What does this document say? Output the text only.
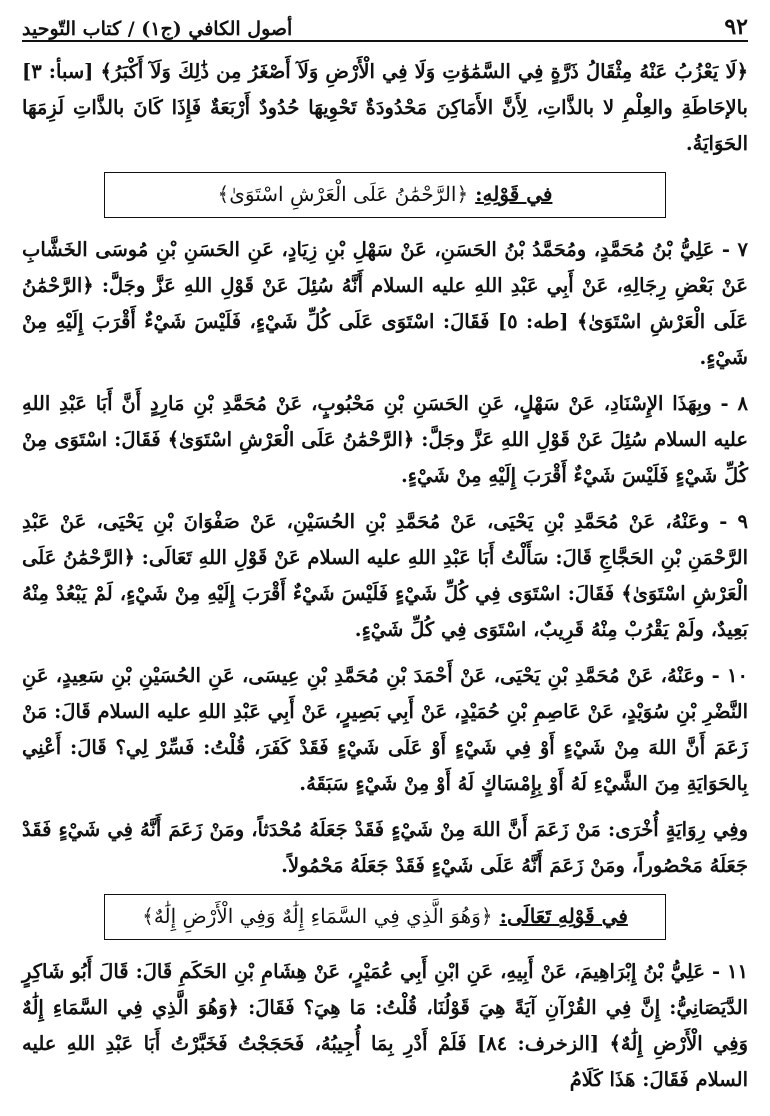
٩٢
أصول الكافي (ج١) / كتاب التّوحيد

﴿لَا يَعْزُبُ عَنْهُ مِثْقَالُ ذَرَّةٍ فِي السَّمَٰوَٰتِ وَلَا فِي الْأَرْضِ وَلَآ أَصْغَرُ مِن ذَٰلِكَ وَلَآ أَكْبَرُ﴾ [سبأ: ٣] بالإحَاطَةِ والعِلْمِ لا بالذَّاتِ، لِأَنَّ الأَمَاكِنَ مَحْدُودَةٌ تَحْوِيهَا حُدُودٌ أَرْبَعَةٌ فَإِذَا كَانَ بالذَّاتِ لَزِمَهَا الحَوَايَةُ.

في قَوْلِهِ: ﴿الرَّحْمَٰنُ عَلَى الْعَرْشِ اسْتَوَىٰ﴾

٧ - عَلِيُّ بْنُ مُحَمَّدٍ، ومُحَمَّدُ بْنُ الحَسَنِ، عَنْ سَهْلِ بْنِ زِيَادٍ، عَنِ الحَسَنِ بْنِ مُوسَى الخَشَّابِ عَنْ بَعْضِ رِجَالِهِ، عَنْ أَبِي عَبْدِ اللهِ عليه السلام أَنَّهُ سُئِلَ عَنْ قَوْلِ اللهِ عَزَّ وجَلَّ: ﴿الرَّحْمَٰنُ عَلَى الْعَرْشِ اسْتَوَىٰ﴾ [طه: ٥] فَقَالَ: اسْتَوَى عَلَى كُلِّ شَيْءٍ، فَلَيْسَ شَيْءٌ أَقْرَبَ إِلَيْهِ مِنْ شَيْءٍ.

٨ - وبِهَذَا الإِسْنَادِ، عَنْ سَهْلٍ، عَنِ الحَسَنِ بْنِ مَحْبُوبٍ، عَنْ مُحَمَّدِ بْنِ مَارِدٍ أَنَّ أَبَا عَبْدِ اللهِ عليه السلام سُئِلَ عَنْ قَوْلِ اللهِ عَزَّ وجَلَّ: ﴿الرَّحْمَٰنُ عَلَى الْعَرْشِ اسْتَوَىٰ﴾ فَقَالَ: اسْتَوَى مِنْ كُلِّ شَيْءٍ فَلَيْسَ شَيْءٌ أَقْرَبَ إِلَيْهِ مِنْ شَيْءٍ.

٩ - وعَنْهُ، عَنْ مُحَمَّدِ بْنِ يَحْيَى، عَنْ مُحَمَّدِ بْنِ الحُسَيْنِ، عَنْ صَفْوَانَ بْنِ يَحْيَى، عَنْ عَبْدِ الرَّحْمَنِ بْنِ الحَجَّاجِ قَالَ: سَأَلْتُ أَبَا عَبْدِ اللهِ عليه السلام عَنْ قَوْلِ اللهِ تَعَالَى: ﴿الرَّحْمَٰنُ عَلَى الْعَرْشِ اسْتَوَىٰ﴾ فَقَالَ: اسْتَوَى فِي كُلِّ شَيْءٍ فَلَيْسَ شَيْءٌ أَقْرَبَ إِلَيْهِ مِنْ شَيْءٍ، لَمْ يَبْعُدْ مِنْهُ بَعِيدٌ، ولَمْ يَقْرُبْ مِنْهُ قَرِيبٌ، اسْتَوَى فِي كُلِّ شَيْءٍ.

١٠ - وعَنْهُ، عَنْ مُحَمَّدِ بْنِ يَحْيَى، عَنْ أَحْمَدَ بْنِ مُحَمَّدِ بْنِ عِيسَى، عَنِ الحُسَيْنِ بْنِ سَعِيدٍ، عَنِ النَّضْرِ بْنِ سُوَيْدٍ، عَنْ عَاصِمِ بْنِ حُمَيْدٍ، عَنْ أَبِي بَصِيرٍ، عَنْ أَبِي عَبْدِ اللهِ عليه السلام قَالَ: مَنْ زَعَمَ أَنَّ اللهَ مِنْ شَيْءٍ أَوْ فِي شَيْءٍ أَوْ عَلَى شَيْءٍ فَقَدْ كَفَرَ، قُلْتُ: فَسِّرْ لِي؟ قَالَ: أَعْنِي بِالحَوَايَةِ مِنَ الشَّيْءِ لَهُ أَوْ بِإِمْسَاكٍ لَهُ أَوْ مِنْ شَيْءٍ سَبَقَهُ.

وفِي رِوَايَةٍ أُخْرَى: مَنْ زَعَمَ أَنَّ اللهَ مِنْ شَيْءٍ فَقَدْ جَعَلَهُ مُحْدَثاً، ومَنْ زَعَمَ أَنَّهُ فِي شَيْءٍ فَقَدْ جَعَلَهُ مَحْصُوراً، ومَنْ زَعَمَ أَنَّهُ عَلَى شَيْءٍ فَقَدْ جَعَلَهُ مَحْمُولاً.

في قَوْلِهِ تَعَالَى: ﴿وَهُوَ الَّذِي فِي السَّمَاءِ إِلَٰهٌ وَفِي الْأَرْضِ إِلَٰهٌ﴾

١١ - عَلِيُّ بْنُ إِبْرَاهِيمَ، عَنْ أَبِيهِ، عَنِ ابْنِ أَبِي عُمَيْرٍ، عَنْ هِشَامِ بْنِ الحَكَمِ قَالَ: قَالَ أَبُو شَاكِرٍ الدَّيَصَانِيُّ: إِنَّ فِي القُرْآنِ آيَةً هِيَ قَوْلُنَا، قُلْتُ: مَا هِيَ؟ فَقَالَ: ﴿وَهُوَ الَّذِي فِي السَّمَاءِ إِلَٰهٌ وَفِي الْأَرْضِ إِلَٰهٌ﴾ [الزخرف: ٨٤] فَلَمْ أَدْرِ بِمَا أُجِيبُهُ، فَحَجَجْتُ فَخَبَّرْتُ أَبَا عَبْدِ اللهِ عليه السلام فَقَالَ: هَذَا كَلَامُ
